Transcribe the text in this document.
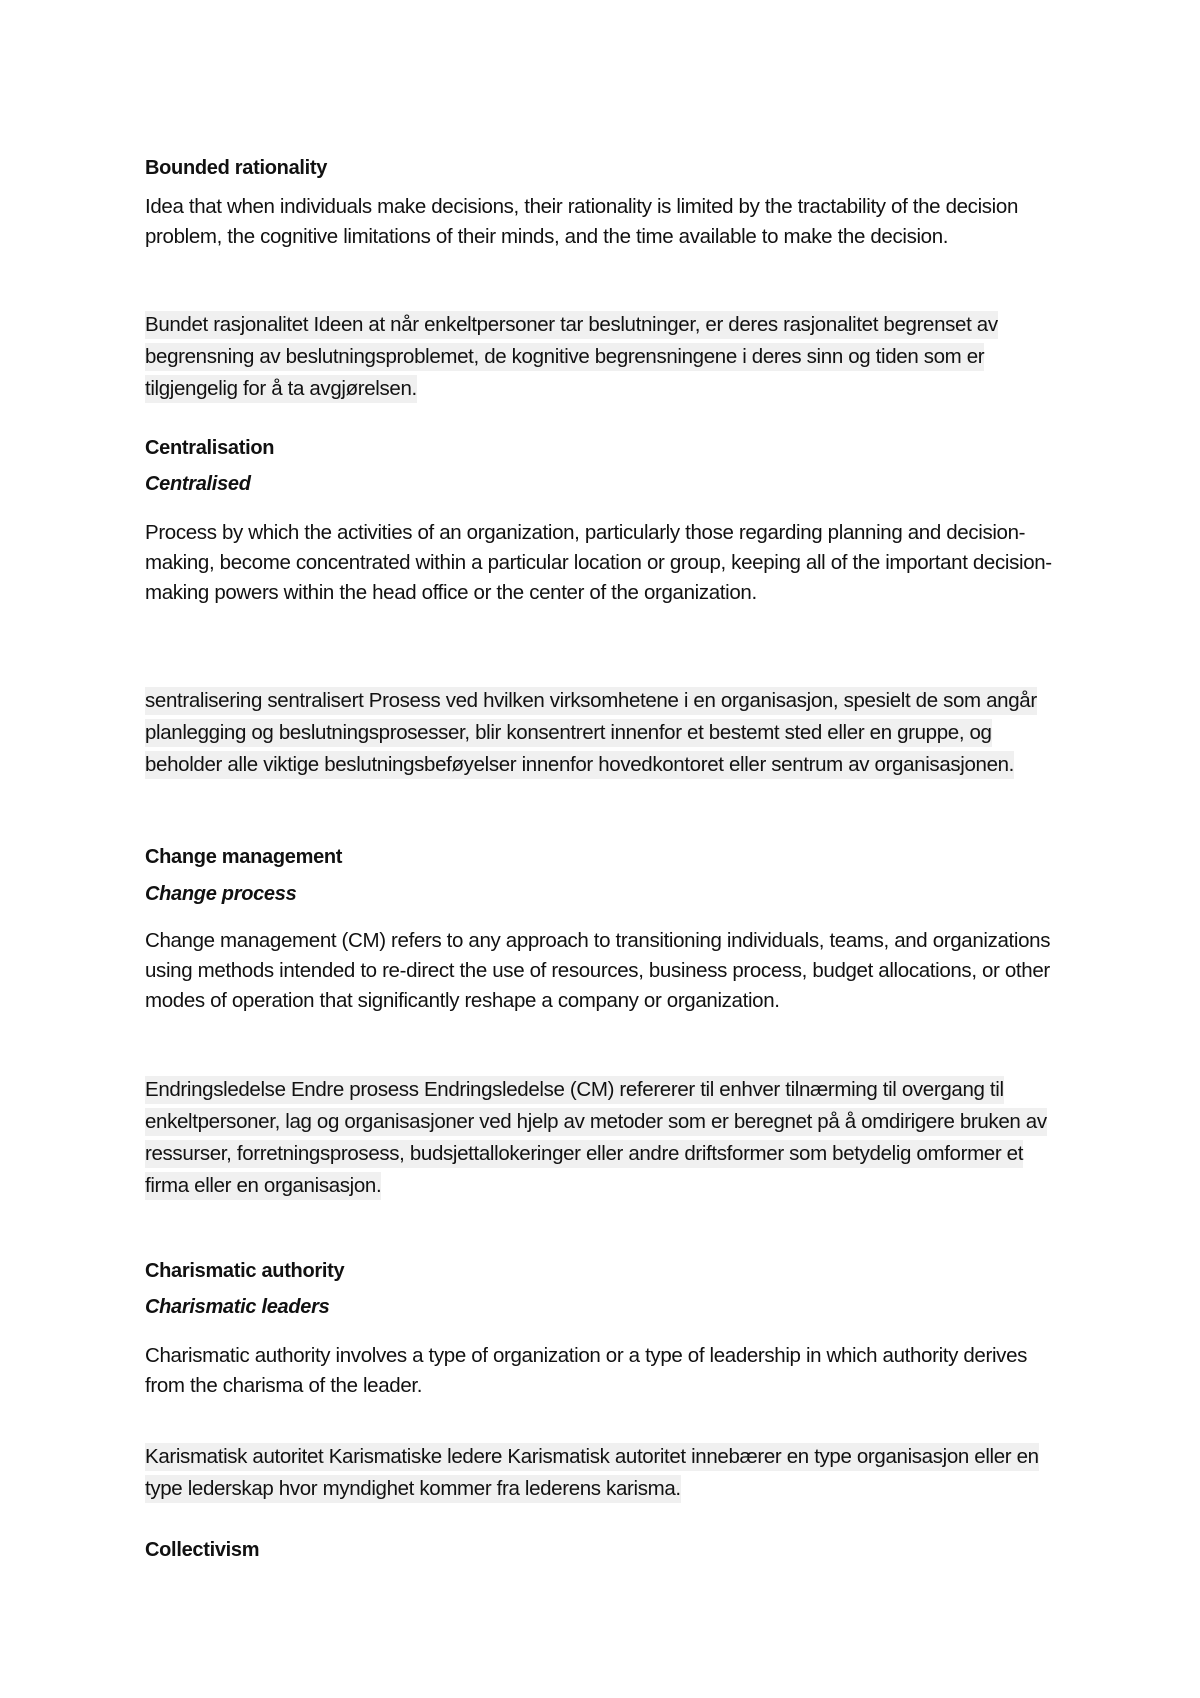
Bounded rationality

Idea that when individuals make decisions, their rationality is limited by the tractability of the decision problem, the cognitive limitations of their minds, and the time available to make the decision.

Bundet rasjonalitet Ideen at når enkeltpersoner tar beslutninger, er deres rasjonalitet begrenset av begrensning av beslutningsproblemet, de kognitive begrensningene i deres sinn og tiden som er tilgjengelig for å ta avgjørelsen.

Centralisation

Centralised

Process by which the activities of an organization, particularly those regarding planning and decision-making, become concentrated within a particular location or group, keeping all of the important decision-making powers within the head office or the center of the organization.

sentralisering sentralisert Prosess ved hvilken virksomhetene i en organisasjon, spesielt de som angår planlegging og beslutningsprosesser, blir konsentrert innenfor et bestemt sted eller en gruppe, og beholder alle viktige beslutningsbeføyelser innenfor hovedkontoret eller sentrum av organisasjonen.

Change management

Change process

Change management (CM) refers to any approach to transitioning individuals, teams, and organizations using methods intended to re-direct the use of resources, business process, budget allocations, or other modes of operation that significantly reshape a company or organization.

Endringsledelse Endre prosess Endringsledelse (CM) refererer til enhver tilnærming til overgang til enkeltpersoner, lag og organisasjoner ved hjelp av metoder som er beregnet på å omdirigere bruken av ressurser, forretningsprosess, budsjettallokeringer eller andre driftsformer som betydelig omformer et firma eller en organisasjon.

Charismatic authority

Charismatic leaders

Charismatic authority involves a type of organization or a type of leadership in which authority derives from the charisma of the leader.

Karismatisk autoritet Karismatiske ledere Karismatisk autoritet innebærer en type organisasjon eller en type lederskap hvor myndighet kommer fra lederens karisma.

Collectivism
